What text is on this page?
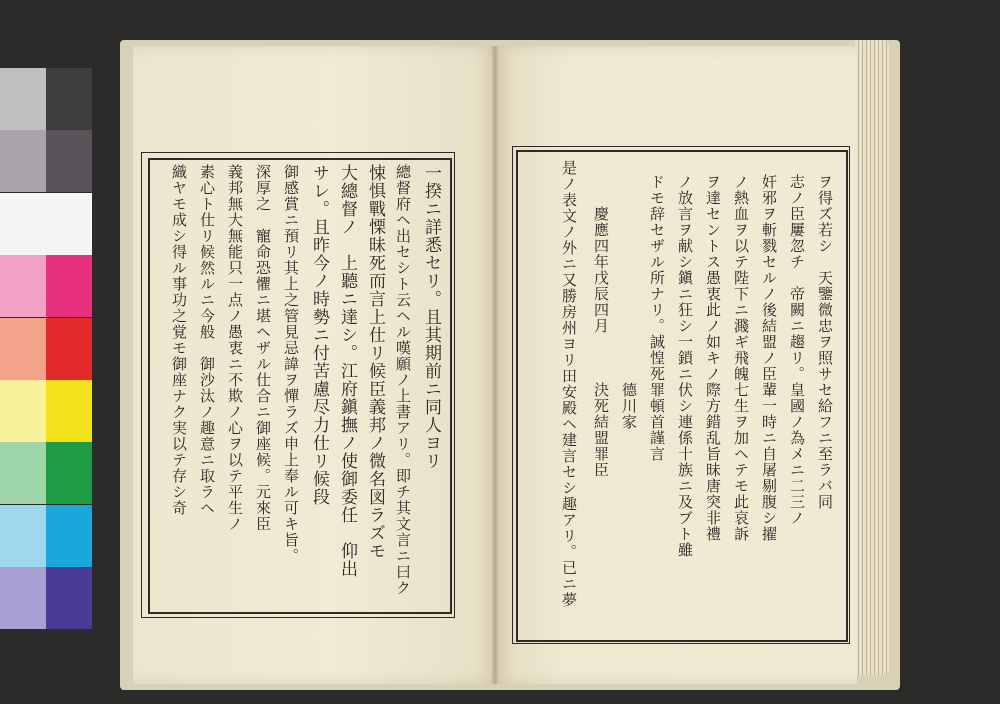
一揆ニ詳悉セリ。且其期前ニ同人ヨリ
總督府ヘ出セシト云ヘル嘆願ノ上書アリ。即チ其文言ニ曰ク
悚惧戰慄昧死而言上仕リ候臣義邦ノ微名図ラズモ
大總督ノ　上聽ニ達シ。江府鎭撫ノ使御委任　仰出
サレ。且昨今ノ時勢ニ付苦慮尽力仕リ候段
御感賞ニ預リ其上之管見忌諱ヲ憚ラズ申上奉ル可キ旨。
深厚之　寵命恐懼ニ堪ヘザル仕合ニ御座候。元來臣
義邦無大無能只一点ノ愚衷ニ不欺ノ心ヲ以テ平生ノ
素心ト仕リ候然ルニ今般　御沙汰ノ趣意ニ取ラヘ
織ヤモ成シ得ル事功之覚モ御座ナク実以テ存シ奇	ヲ得ズ若シ　天鑒微忠ヲ照サセ給フニ至ラバ同
志ノ臣屢忽チ　帝闕ニ趨リ。皇國ノ為メニ二三ノ
奸邪ヲ斬戮セルノ後結盟ノ臣輩一時ニ自屠剔腹シ擢
ノ熱血ヲ以テ陛下ニ濺ギ飛魄七生ヲ加ヘテモ此哀訴
ヲ達セントス愚衷此ノ如キノ際方錯乱旨昧唐突非禮
ノ放言ヲ献シ鎭ニ狂シ一鎖ニ伏シ連係十族ニ及ブト雖
ドモ辞セザル所ナリ。誠惶死罪頓首謹言
　　　　　　　　　　　　　德川家
　　慶應四年戊辰四月　　　決死結盟罪臣
是ノ表文ノ外ニ又勝房州ヨリ田安殿ヘ建言セシ趣アリ。已ニ夢
